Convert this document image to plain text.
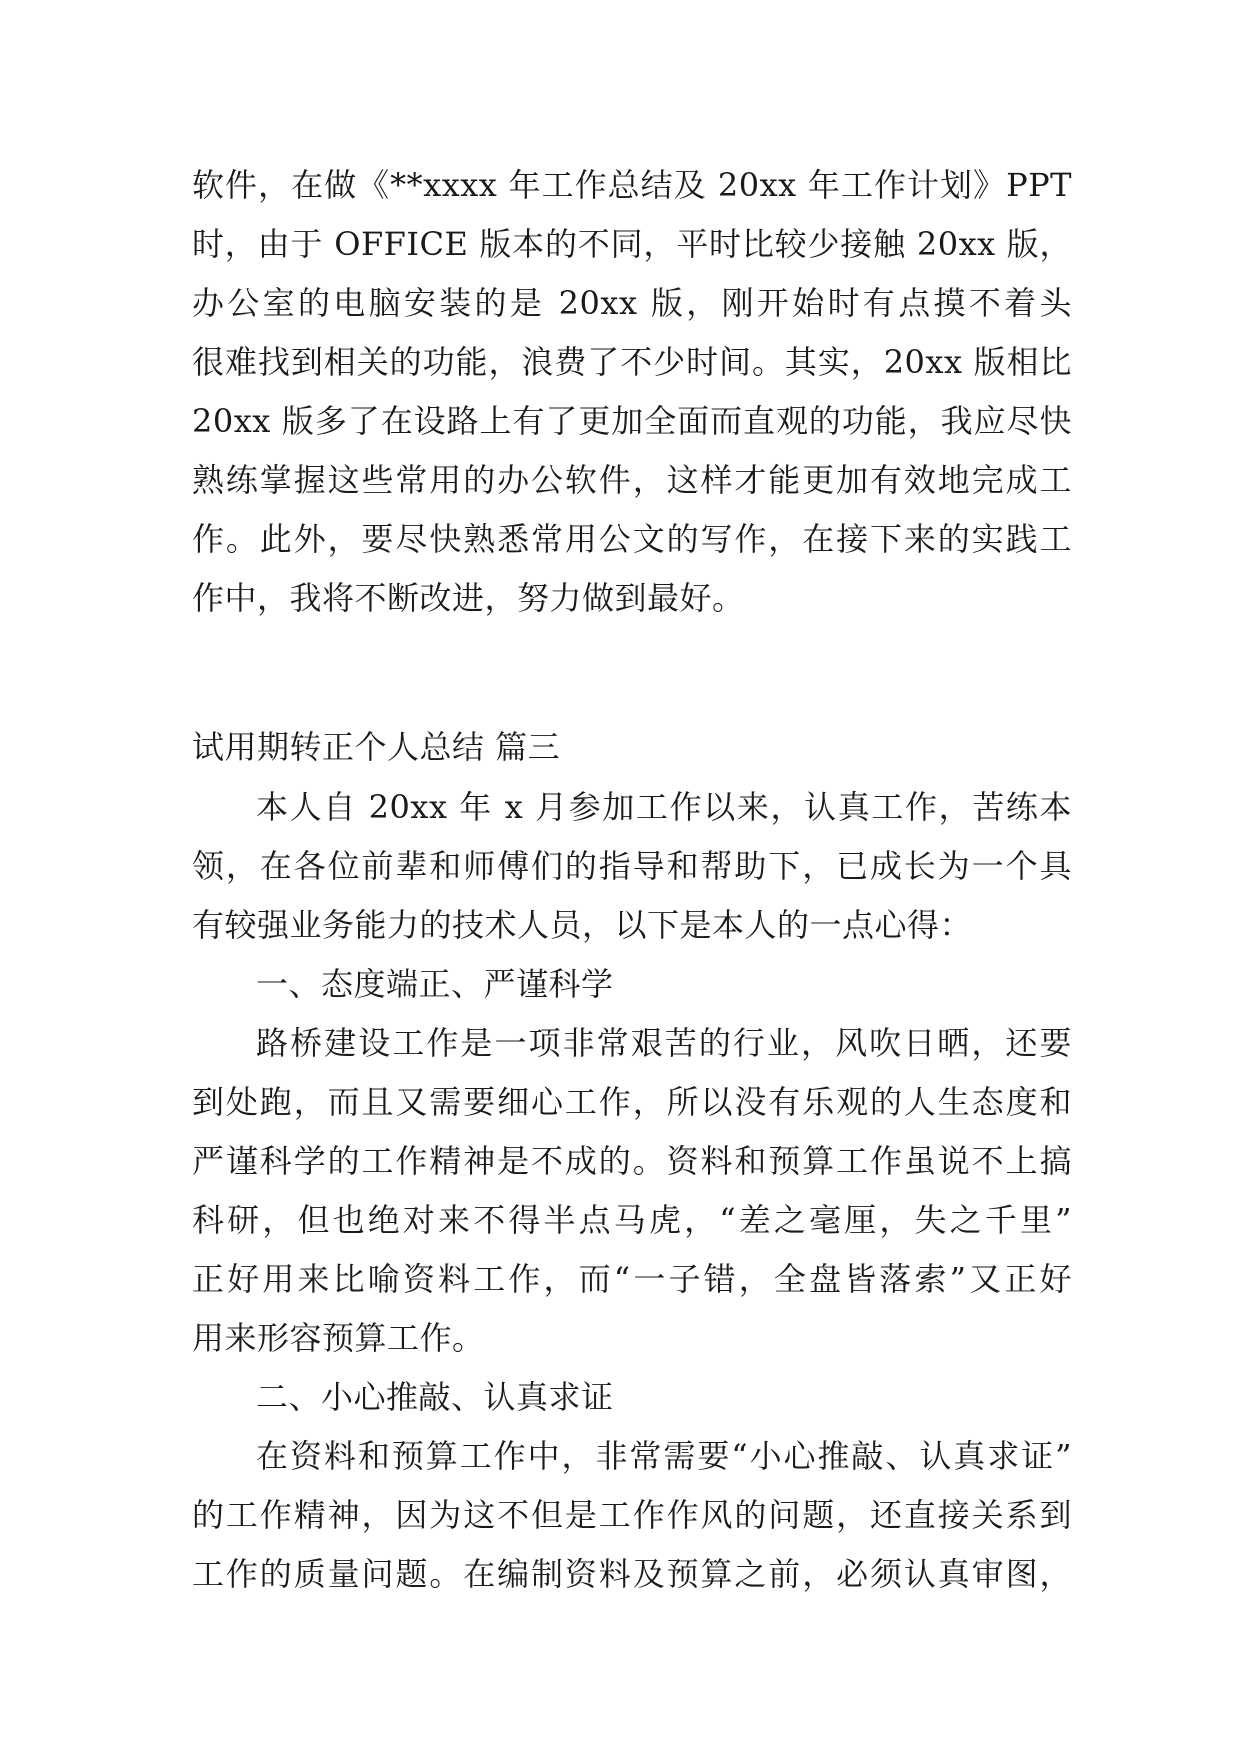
软件，在做《**xxxx 年工作总结及 20xx 年工作计划》PPT
时，由于 OFFICE 版本的不同，平时比较少接触 20xx 版，
办公室的电脑安装的是 20xx 版，刚开始时有点摸不着头
很难找到相关的功能，浪费了不少时间。其实，20xx 版相比
20xx 版多了在设路上有了更加全面而直观的功能，我应尽快
熟练掌握这些常用的办公软件，这样才能更加有效地完成工
作。此外，要尽快熟悉常用公文的写作，在接下来的实践工
作中，我将不断改进，努力做到最好。
试用期转正个人总结 篇三
本人自 20xx 年 x 月参加工作以来，认真工作，苦练本
领，在各位前辈和师傅们的指导和帮助下，已成长为一个具
有较强业务能力的技术人员，以下是本人的一点心得：
一、态度端正、严谨科学
路桥建设工作是一项非常艰苦的行业，风吹日晒，还要
到处跑，而且又需要细心工作，所以没有乐观的人生态度和
严谨科学的工作精神是不成的。资料和预算工作虽说不上搞
科研，但也绝对来不得半点马虎，“差之毫厘，失之千里”
正好用来比喻资料工作，而“一子错，全盘皆落索”又正好
用来形容预算工作。
二、小心推敲、认真求证
在资料和预算工作中，非常需要“小心推敲、认真求证”
的工作精神，因为这不但是工作作风的问题，还直接关系到
工作的质量问题。在编制资料及预算之前，必须认真审图，
